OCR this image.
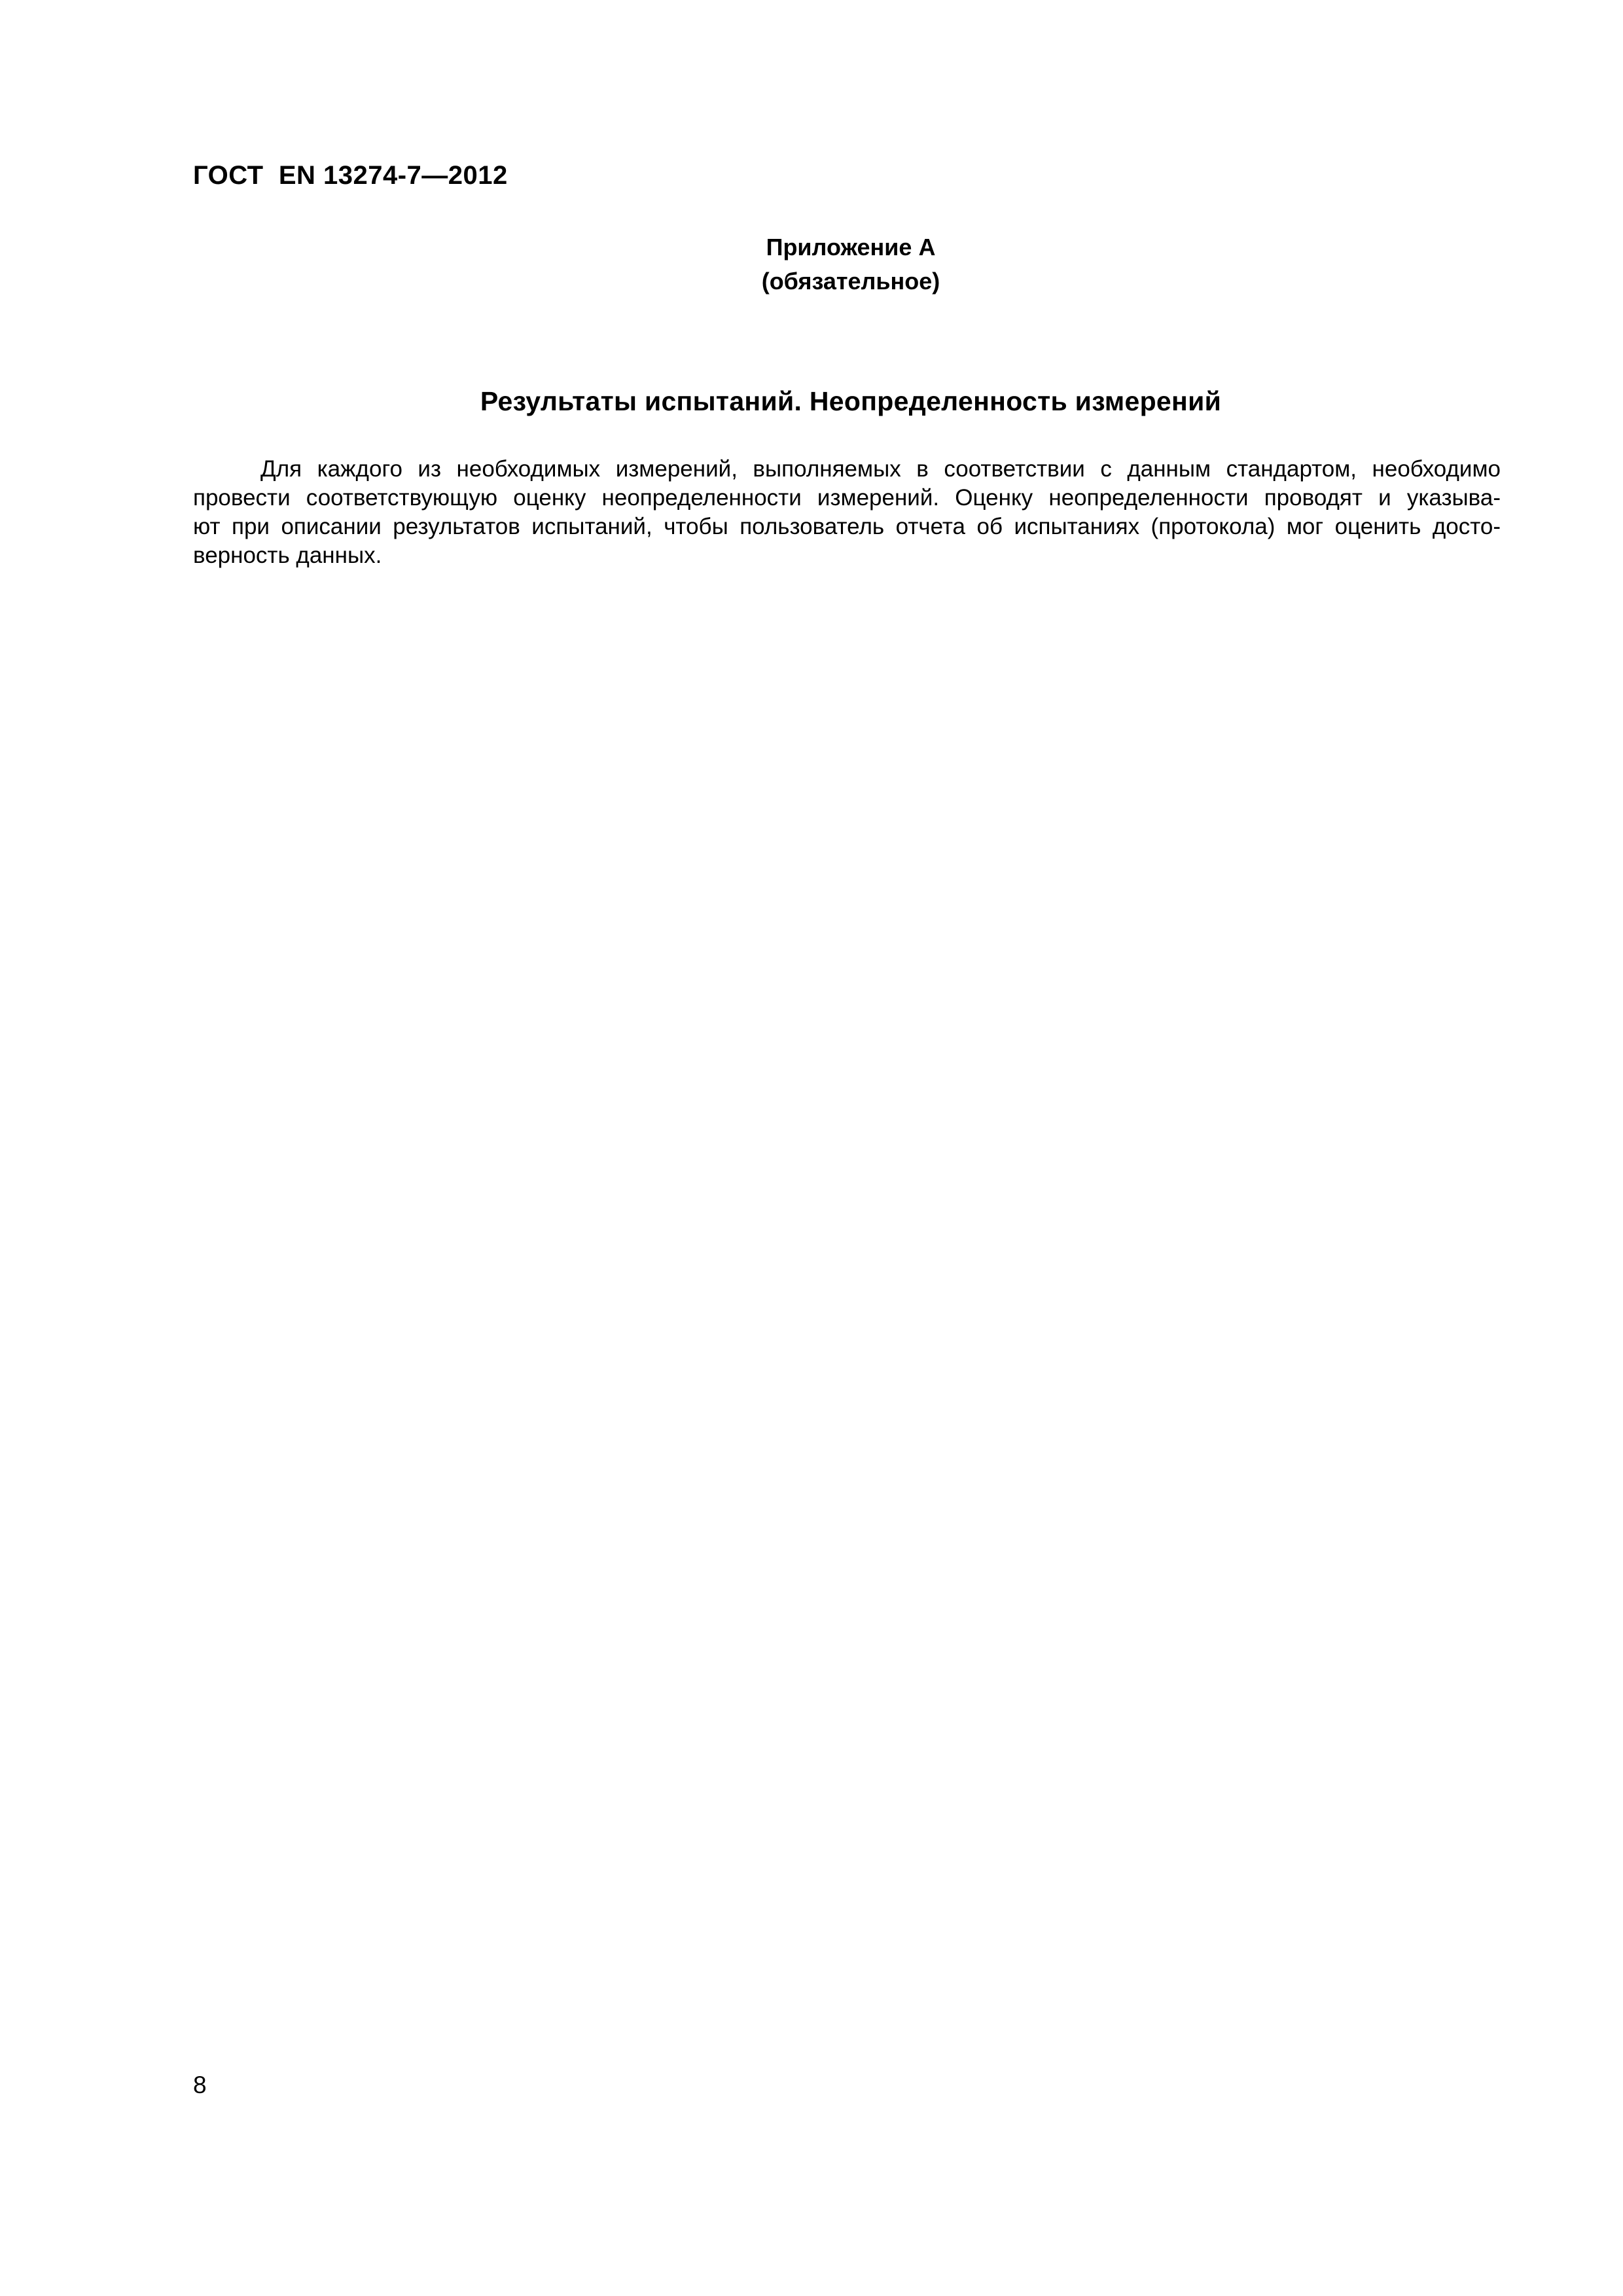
ГОСТ  EN 13274-7—2012
Приложение А
(обязательное)
Результаты испытаний. Неопределенность измерений
Для каждого из необходимых измерений, выполняемых в соответствии с данным стандартом, необходимо
провести соответствующую оценку неопределенности измерений. Оценку неопределенности проводят и указыва-
ют при описании результатов испытаний, чтобы пользователь отчета об испытаниях (протокола) мог оценить досто-
верность данных.
8
